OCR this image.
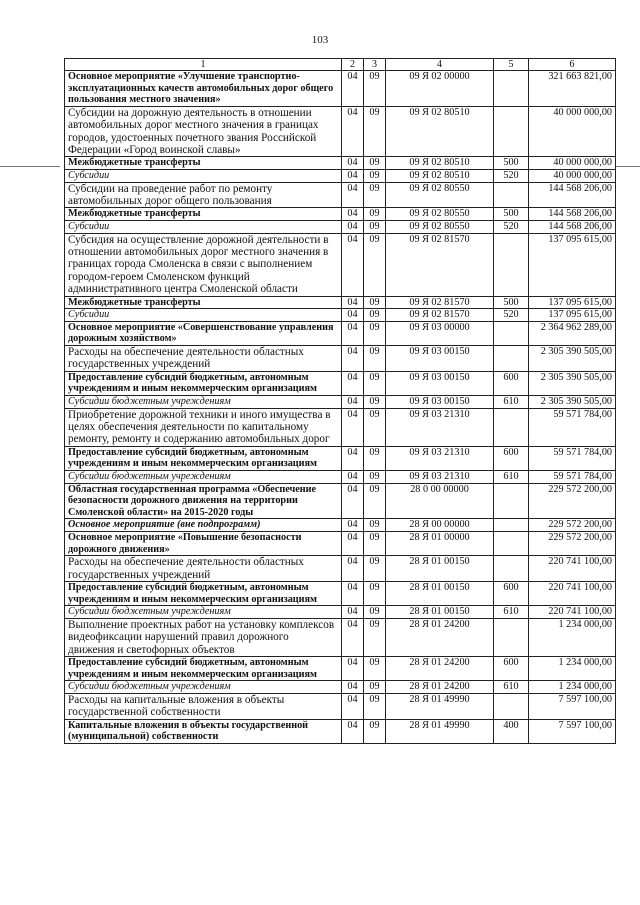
103
1	2	3	4	5	6
Основное мероприятие «Улучшение транспортно-эксплуатационных качеств автомобильных дорог общего пользования местного значения»	04	09	09 Я 02 00000		321 663 821,00
Субсидии на дорожную деятельность в отношении автомобильных дорог местного значения в границах городов, удостоенных почетного звания Российской Федерации «Город воинской славы»	04	09	09 Я 02 80510		40 000 000,00
Межбюджетные трансферты	04	09	09 Я 02 80510	500	40 000 000,00
Субсидии	04	09	09 Я 02 80510	520	40 000 000,00
Субсидии на проведение работ по ремонту автомобильных дорог общего пользования	04	09	09 Я 02 80550		144 568 206,00
Межбюджетные трансферты	04	09	09 Я 02 80550	500	144 568 206,00
Субсидии	04	09	09 Я 02 80550	520	144 568 206,00
Субсидия на осуществление дорожной деятельности в отношении автомобильных дорог местного значения в границах города Смоленска в связи с выполнением городом-героем Смоленском функций административного центра Смоленской области	04	09	09 Я 02 81570		137 095 615,00
Межбюджетные трансферты	04	09	09 Я 02 81570	500	137 095 615,00
Субсидии	04	09	09 Я 02 81570	520	137 095 615,00
Основное мероприятие «Совершенствование управления дорожным хозяйством»	04	09	09 Я 03 00000		2 364 962 289,00
Расходы на обеспечение деятельности областных государственных учреждений	04	09	09 Я 03 00150		2 305 390 505,00
Предоставление субсидий бюджетным, автономным учреждениям и иным некоммерческим организациям	04	09	09 Я 03 00150	600	2 305 390 505,00
Субсидии бюджетным учреждениям	04	09	09 Я 03 00150	610	2 305 390 505,00
Приобретение дорожной техники и иного имущества в целях обеспечения деятельности по капитальному ремонту, ремонту и содержанию автомобильных дорог	04	09	09 Я 03 21310		59 571 784,00
Предоставление субсидий бюджетным, автономным учреждениям и иным некоммерческим организациям	04	09	09 Я 03 21310	600	59 571 784,00
Субсидии бюджетным учреждениям	04	09	09 Я 03 21310	610	59 571 784,00
Областная государственная программа «Обеспечение безопасности дорожного движения на территории Смоленской области» на 2015-2020 годы	04	09	28 0 00 00000		229 572 200,00
Основное мероприятие (вне подпрограмм)	04	09	28 Я 00 00000		229 572 200,00
Основное мероприятие «Повышение безопасности дорожного движения»	04	09	28 Я 01 00000		229 572 200,00
Расходы на обеспечение деятельности областных государственных учреждений	04	09	28 Я 01 00150		220 741 100,00
Предоставление субсидий бюджетным, автономным учреждениям и иным некоммерческим организациям	04	09	28 Я 01 00150	600	220 741 100,00
Субсидии бюджетным учреждениям	04	09	28 Я 01 00150	610	220 741 100,00
Выполнение проектных работ на установку комплексов видеофиксации нарушений правил дорожного движения и светофорных объектов	04	09	28 Я 01 24200		1 234 000,00
Предоставление субсидий бюджетным, автономным учреждениям и иным некоммерческим организациям	04	09	28 Я 01 24200	600	1 234 000,00
Субсидии бюджетным учреждениям	04	09	28 Я 01 24200	610	1 234 000,00
Расходы на капитальные вложения в объекты государственной собственности	04	09	28 Я 01 49990		7 597 100,00
Капитальные вложения в объекты государственной (муниципальной) собственности	04	09	28 Я 01 49990	400	7 597 100,00
